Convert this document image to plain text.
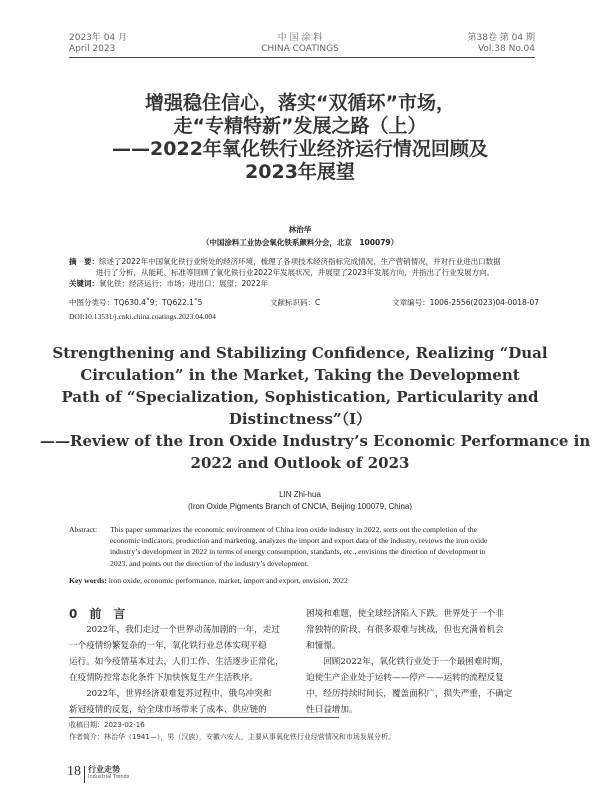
2023年 04 月
April 2023
中 国 涂 料
CHINA COATINGS
第38卷 第 04 期
Vol.38 No.04
增强稳住信心，落实“双循环”市场，
走“专精特新”发展之路（上）
——2022年氧化铁行业经济运行情况回顾及
2023年展望
林治华
（中国涂料工业协会氧化铁系颜料分会，北京　100079）
摘　要：综述了2022年中国氧化铁行业所处的经济环境，梳理了各项技术经济指标完成情况、生产营销情况，并对行业进出口数据
进行了分析，从能耗、标准等回顾了氧化铁行业2022年发展状况，并展望了2023年发展方向，并指出了行业发展方向。
关键词：氧化铁；经济运行；市场；进出口；展望；2022年
中图分类号：TQ630.4˚9；TQ622.1˚5	文献标识码：C	文章编号：1006-2556(2023)04-0018-07
DOI:10.13531/j.cnki.china.coatings.2023.04.004
Strengthening and Stabilizing Confidence, Realizing “Dual
Circulation” in the Market, Taking the Development
Path of “Specialization, Sophistication, Particularity and
Distinctness”（Ⅰ）
——Review of the Iron Oxide Industry’s Economic Performance in
2022 and Outlook of 2023
LIN Zhi-hua
(Iron Oxide Pigments Branch of CNCIA, Beijing 100079, China)
Abstract: This paper summarizes the economic environment of China iron oxide industry in 2022, sorts out the completion of the
economic indicators, production and marketing, analyzes the import and export data of the industry, reviews the iron oxide
industry’s development in 2022 in terms of energy consumption, standards, etc., envisions the direction of development in
2023, and points out the direction of the industry’s development.
Key words: iron oxide, economic performance, market, import and export, envision, 2022
0　前　言
　　2022年，我们走过一个世界动荡加剧的一年，走过
一个疫情纷繁复杂的一年，氧化铁行业总体实现平稳
运行。如今疫情基本过去，人们工作、生活逐步正常化，
在疫情防控常态化条件下加快恢复生产生活秩序。
　　2022年，世界经济艰难复苏过程中，俄乌冲突和
新冠疫情的反复，给全球市场带来了成本、供应链的
困境和难题，使全球经济陷入下跌。世界处于一个非
常独特的阶段，有很多艰难与挑战，但也充满着机会
和憧憬。
　　回顾2022年，氧化铁行业处于一个最困难时期，
迫使生产企业处于运转——停产——运转的流程反复
中，经历持续时间长，覆盖面积广，损失严重，不确定
性日益增加。
收稿日期：2023-02-16
作者简介：林治华（1941—），男（汉族），安徽六安人，主要从事氧化铁行业经营情况和市场发展分析。
18 行业走势
Industrial Trends
